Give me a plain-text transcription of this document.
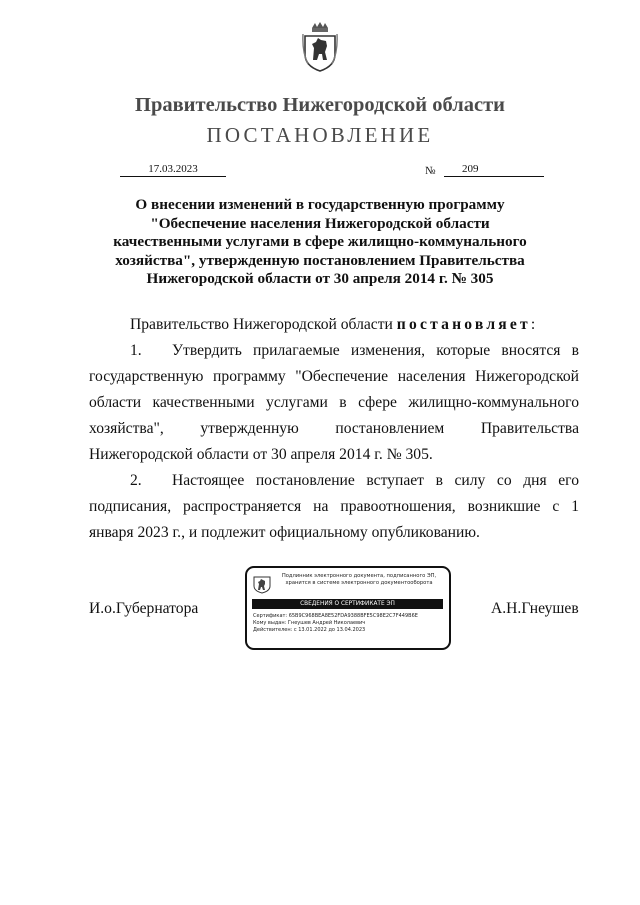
Правительство Нижегородской области
ПОСТАНОВЛЕНИЕ
17.03.2023	№	209
О внесении изменений в государственную программу "Обеспечение населения Нижегородской области качественными услугами в сфере жилищно-коммунального хозяйства", утвержденную постановлением Правительства Нижегородской области от 30 апреля 2014 г. № 305
Правительство Нижегородской области постановляет:
1. Утвердить прилагаемые изменения, которые вносятся в государственную программу "Обеспечение населения Нижегородской области качественными услугами в сфере жилищно-коммунального хозяйства", утвержденную постановлением Правительства Нижегородской области от 30 апреля 2014 г. № 305.
2. Настоящее постановление вступает в силу со дня его подписания, распространяется на правоотношения, возникшие с 1 января 2023 г., и подлежит официальному опубликованию.
И.о.Губернатора	А.Н.Гнеушев
Подлинник электронного документа, подписанного ЭП,
хранится в системе электронного документооборота
СВЕДЕНИЯ О СЕРТИФИКАТЕ ЭП
Сертификат: 65B9C968BEA8E52FDA9388BFE5C98E2C7F449B6E
Кому выдан: Гнеушев Андрей Николаевич
Действителен: с 13.01.2022 до 13.04.2023
